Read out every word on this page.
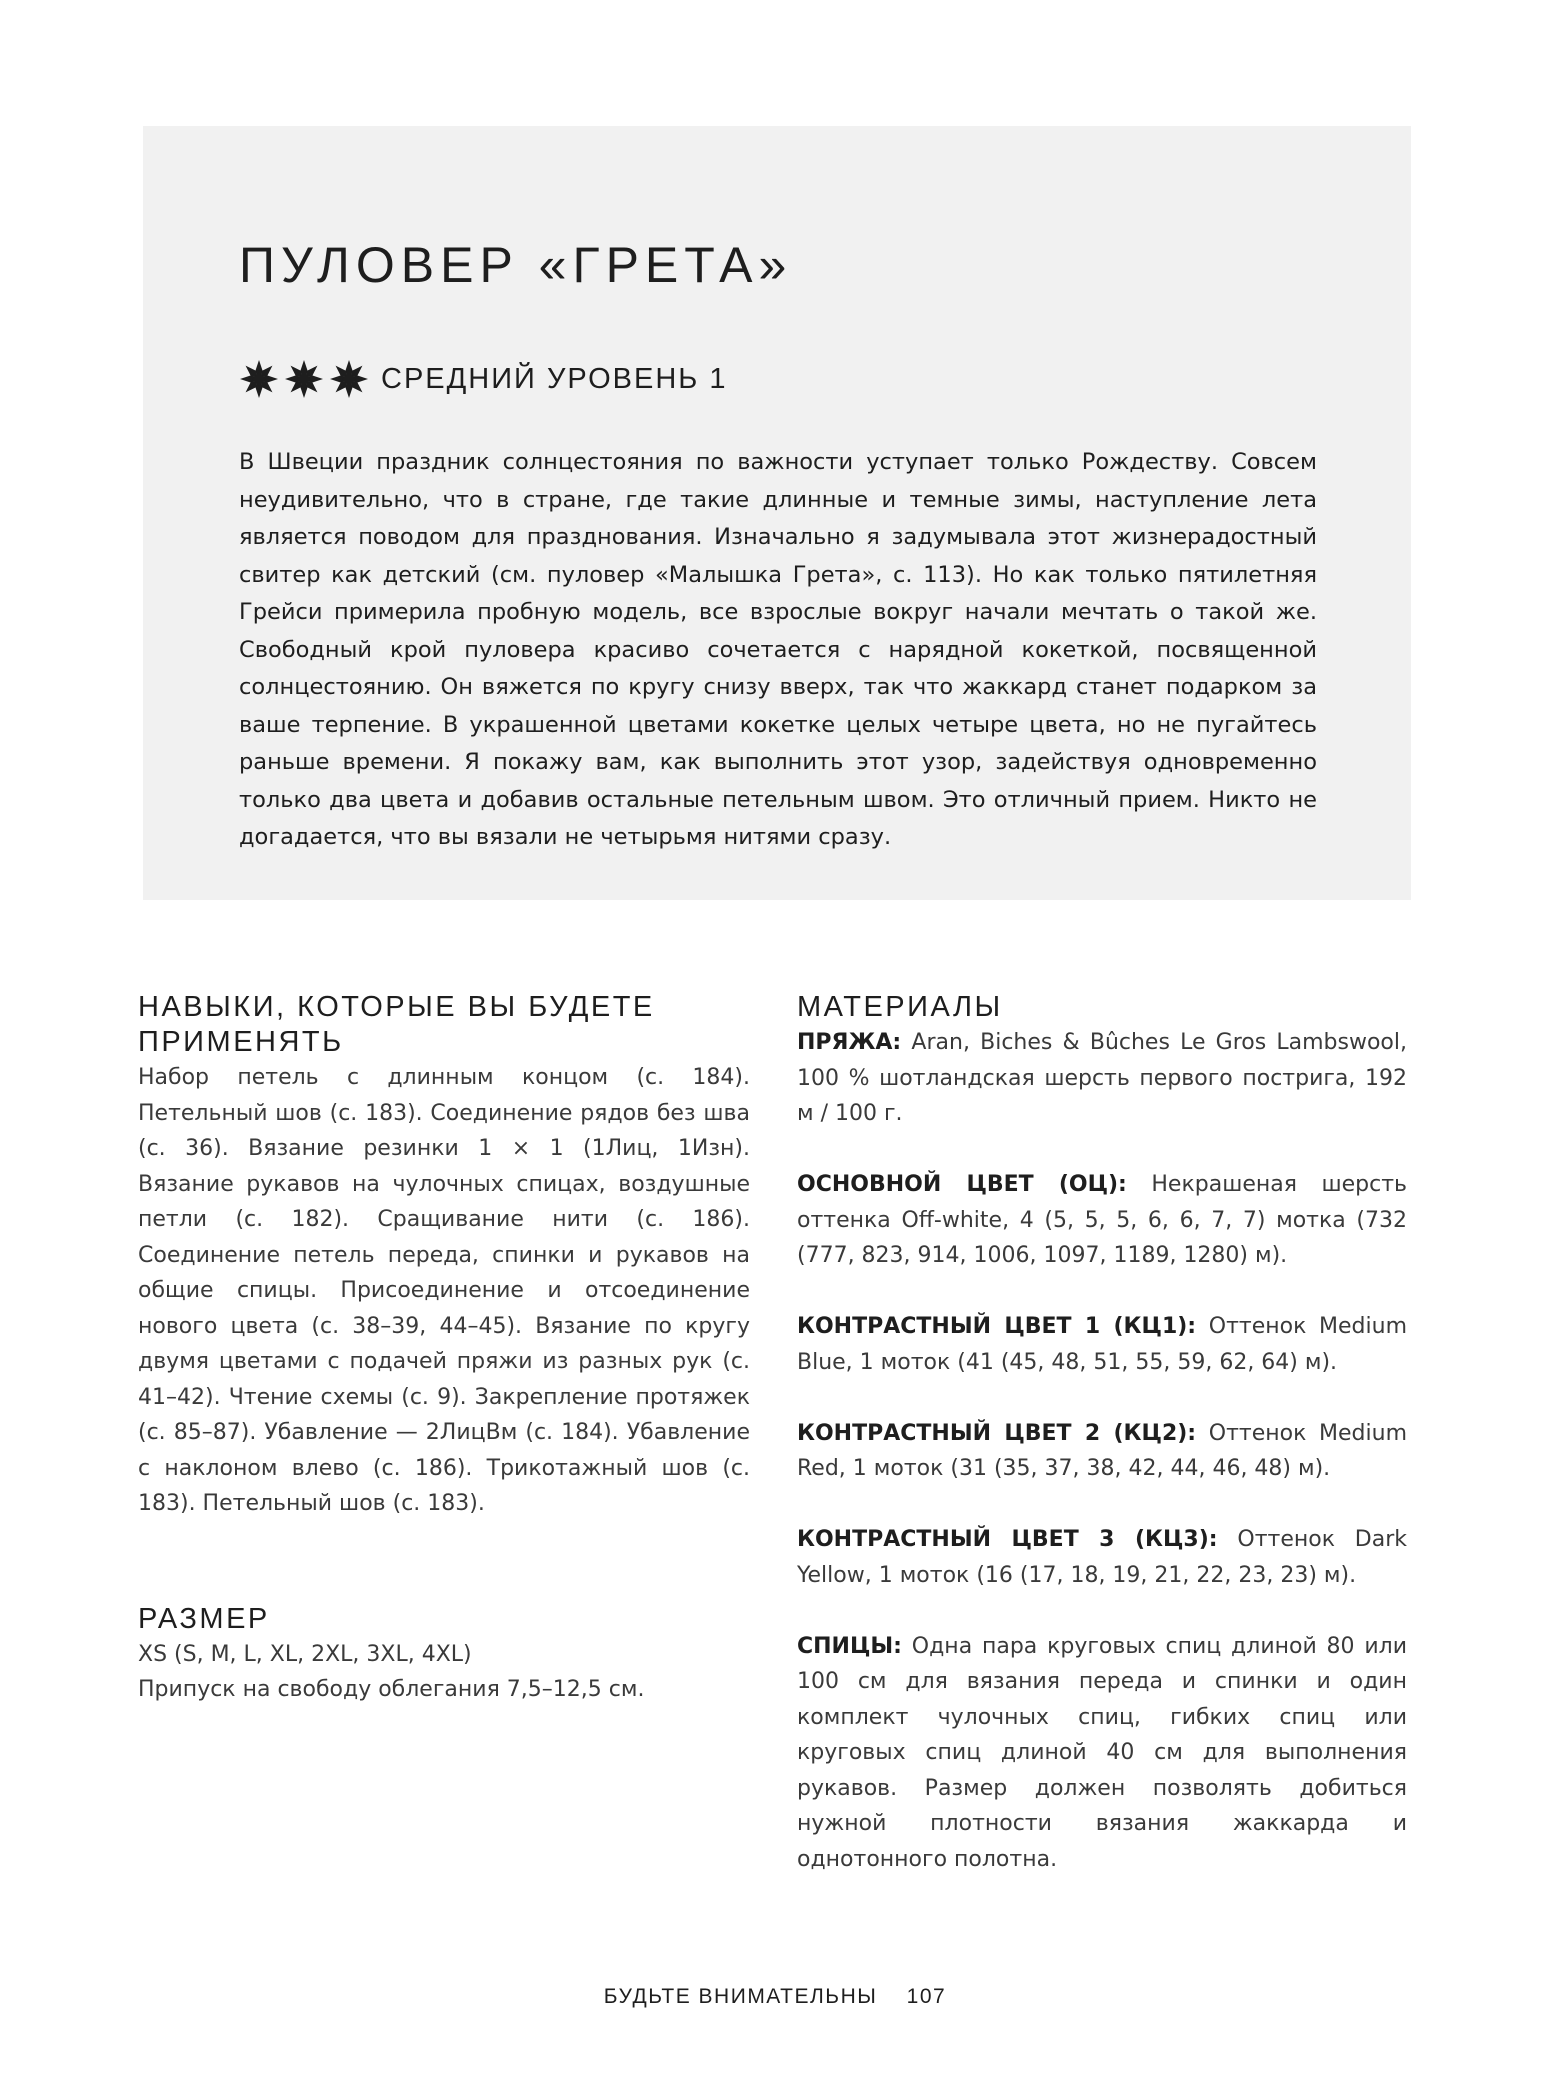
ПУЛОВЕР «ГРЕТА»
СРЕДНИЙ УРОВЕНЬ 1

В Швеции праздник солнцестояния по важности уступает только Рождеству. Совсем неудивительно, что в стране, где такие длинные и темные зимы, наступление лета является поводом для празднования. Изначально я задумывала этот жизнерадостный свитер как детский (см. пуловер «Малышка Грета», с. 113). Но как только пятилетняя Грейси примерила пробную модель, все взрослые вокруг начали мечтать о такой же. Свободный крой пуловера красиво сочетается с нарядной кокеткой, посвященной солнцестоянию. Он вяжется по кругу снизу вверх, так что жаккард станет подарком за ваше терпение. В украшенной цветами кокетке целых четыре цвета, но не пугайтесь раньше времени. Я покажу вам, как выполнить этот узор, задействуя одновременно только два цвета и добавив остальные петельным швом. Это отличный прием. Никто не догадается, что вы вязали не четырьмя нитями сразу.

НАВЫКИ, КОТОРЫЕ ВЫ БУДЕТЕ
ПРИМЕНЯТЬ

Набор петель с длинным концом (с. 184). Петельный шов (с. 183). Соединение рядов без шва (с. 36). Вязание резинки 1 × 1 (1Лиц, 1Изн). Вязание рукавов на чулочных спицах, воздушные петли (с. 182). Сращивание нити (с. 186). Соединение петель переда, спинки и рукавов на общие спицы. Присоединение и отсоединение нового цвета (с. 38–39, 44–45). Вязание по кругу двумя цветами с подачей пряжи из разных рук (с. 41–42). Чтение схемы (с. 9). Закрепление протяжек (с. 85–87). Убавление — 2ЛицВм (с. 184). Убавление с наклоном влево (с. 186). Трикотажный шов (с. 183). Петельный шов (с. 183).

РАЗМЕР

XS (S, M, L, XL, 2XL, 3XL, 4XL)

Припуск на свободу облегания 7,5–12,5 см.

МАТЕРИАЛЫ

ПРЯЖА: Aran, Biches & Bûches Le Gros Lambswool, 100 % шотландская шерсть первого пострига, 192 м / 100 г.

ОСНОВНОЙ ЦВЕТ (ОЦ): Некрашеная шерсть оттенка Off-white, 4 (5, 5, 5, 6, 6, 7, 7) мотка (732 (777, 823, 914, 1006, 1097, 1189, 1280) м).

КОНТРАСТНЫЙ ЦВЕТ 1 (КЦ1): Оттенок Medium Blue, 1 моток (41 (45, 48, 51, 55, 59, 62, 64) м).

КОНТРАСТНЫЙ ЦВЕТ 2 (КЦ2): Оттенок Medium Red, 1 моток (31 (35, 37, 38, 42, 44, 46, 48) м).

КОНТРАСТНЫЙ ЦВЕТ 3 (КЦ3): Оттенок Dark Yellow, 1 моток (16 (17, 18, 19, 21, 22, 23, 23) м).

СПИЦЫ: Одна пара круговых спиц длиной 80 или 100 см для вязания переда и спинки и один комплект чулочных спиц, гибких спиц или круговых спиц длиной 40 см для выполнения рукавов. Размер должен позволять добиться нужной плотности вязания жаккарда и однотонного полотна.

БУДЬТЕ ВНИМАТЕЛЬНЫ 107
